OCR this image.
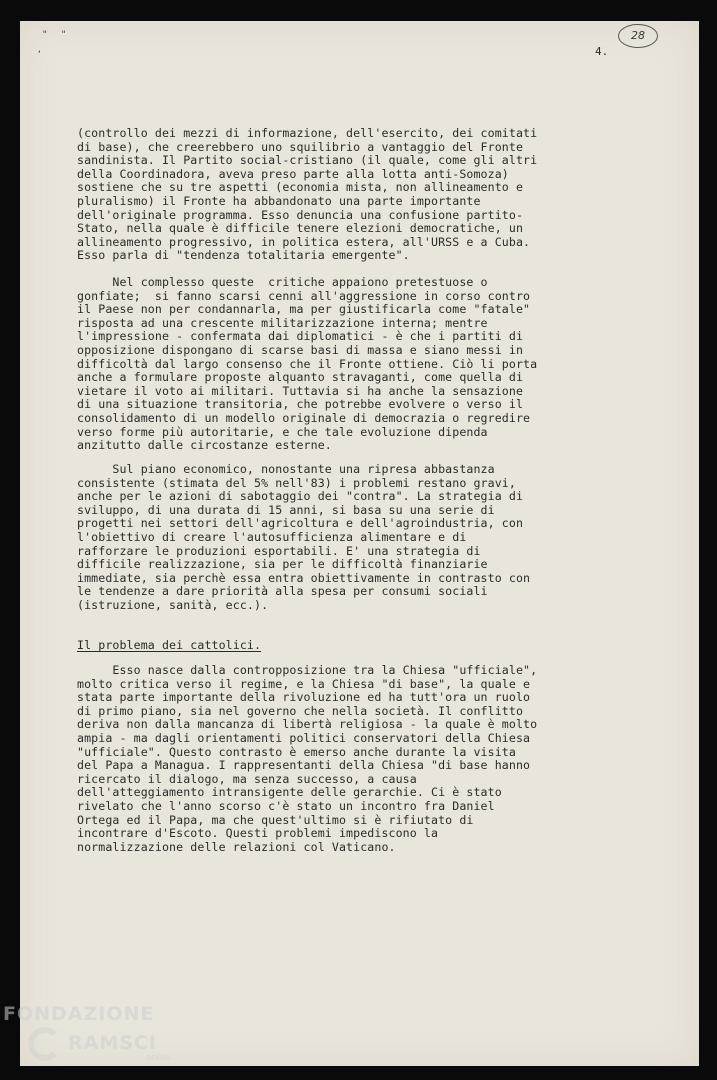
" "
,
28
4.
(controllo dei mezzi di informazione, dell'esercito, dei comitati
di base), che creerebbero uno squilibrio a vantaggio del Fronte
sandinista. Il Partito social-cristiano (il quale, come gli altri
della Coordinadora, aveva preso parte alla lotta anti-Somoza)
sostiene che su tre aspetti (economia mista, non allineamento e
pluralismo) il Fronte ha abbandonato una parte importante
dell'originale programma. Esso denuncia una confusione partito-
Stato, nella quale è difficile tenere elezioni democratiche, un
allineamento progressivo, in politica estera, all'URSS e a Cuba.
Esso parla di "tendenza totalitaria emergente".
Nel complesso queste  critiche appaiono pretestuose o
gonfiate;  si fanno scarsi cenni all'aggressione in corso contro
il Paese non per condannarla, ma per giustificarla come "fatale"
risposta ad una crescente militarizzazione interna; mentre
l'impressione - confermata dai diplomatici - è che i partiti di
opposizione dispongano di scarse basi di massa e siano messi in
difficoltà dal largo consenso che il Fronte ottiene. Ciò li porta
anche a formulare proposte alquanto stravaganti, come quella di
vietare il voto ai militari. Tuttavia si ha anche la sensazione
di una situazione transitoria, che potrebbe evolvere o verso il
consolidamento di un modello originale di democrazia o regredire
verso forme più autoritarie, e che tale evoluzione dipenda
anzitutto dalle circostanze esterne.
Sul piano economico, nonostante una ripresa abbastanza
consistente (stimata del 5% nell'83) i problemi restano gravi,
anche per le azioni di sabotaggio dei "contra". La strategia di
sviluppo, di una durata di 15 anni, si basa su una serie di
progetti nei settori dell'agricoltura e dell'agroindustria, con
l'obiettivo di creare l'autosufficienza alimentare e di
rafforzare le produzioni esportabili. E' una strategia di
difficile realizzazione, sia per le difficoltà finanziarie
immediate, sia perchè essa entra obiettivamente in contrasto con
le tendenze a dare priorità alla spesa per consumi sociali
(istruzione, sanità, ecc.).
Il problema dei cattolici.
Esso nasce dalla contropposizione tra la Chiesa "ufficiale",
molto critica verso il regime, e la Chiesa "di base", la quale e
stata parte importante della rivoluzione ed ha tutt'ora un ruolo
di primo piano, sia nel governo che nella società. Il conflitto
deriva non dalla mancanza di libertà religiosa - la quale è molto
ampia - ma dagli orientamenti politici conservatori della Chiesa
"ufficiale". Questo contrasto è emerso anche durante la visita
del Papa a Managua. I rappresentanti della Chiesa "di base hanno
ricercato il dialogo, ma senza successo, a causa
dell'atteggiamento intransigente delle gerarchie. Ci è stato
rivelato che l'anno scorso c'è stato un incontro fra Daniel
Ortega ed il Papa, ma che quest'ultimo si è rifiutato di
incontrare d'Escoto. Questi problemi impediscono la
normalizzazione delle relazioni col Vaticano.
FONDAZIONE
RAMSCI
onlus
